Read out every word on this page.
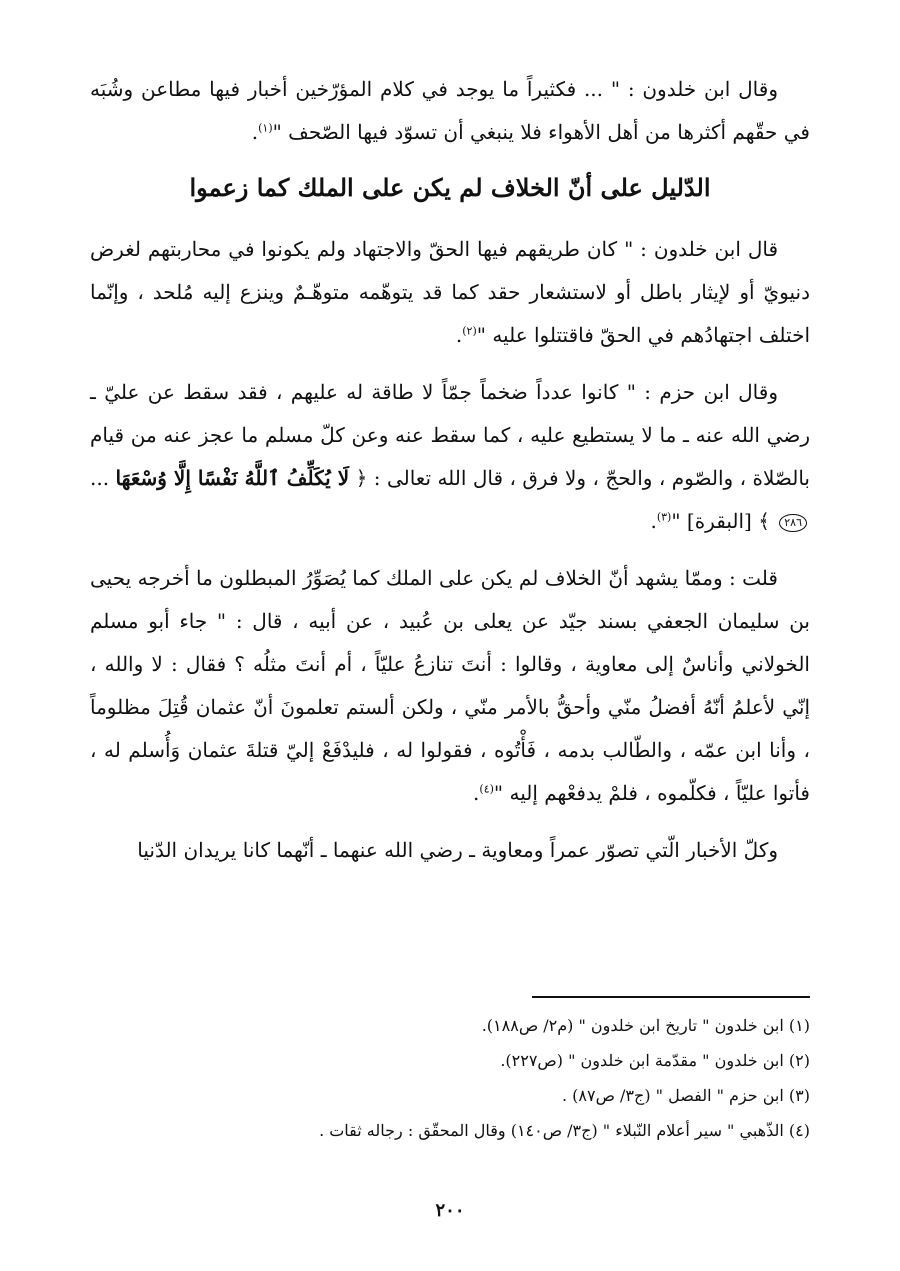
وقال ابن خلدون : " ... فكثيراً ما يوجد في كلام المؤرّخين أخبار فيها مطاعن وشُبَه في حقّهم أكثرها من أهل الأهواء فلا ينبغي أن تسوّد فيها الصّحف "$^{(١)}$.

الدّليل على أنّ الخلاف لم يكن على الملك كما زعموا

قال ابن خلدون : " كان طريقهم فيها الحقّ والاجتهاد ولم يكونوا في محاربتهم لغرض دنيويّ أو لإيثار باطل أو لاستشعار حقد كما قد يتوهّمه متوهّـمٌ وينزع إليه مُلحد ، وإنّما اختلف اجتهادُهم في الحقّ فاقتتلوا عليه "$^{(٢)}$.

وقال ابن حزم : " كانوا عدداً ضخماً جمّاً لا طاقة له عليهم ، فقد سقط عن عليّ ـ رضي الله عنه ـ ما لا يستطيع عليه ، كما سقط عنه وعن كلّ مسلم ما عجز عنه من قيام بالصّلاة ، والصّوم ، والحجّ ، ولا فرق ، قال الله تعالى : ﴿ لَا يُكَلِّفُ ٱللَّهُ نَفْسًا إِلَّا وُسْعَهَا ... ٢٨٦ ﴾ [البقرة] "$^{(٣)}$.

قلت : وممّا يشهد أنّ الخلاف لم يكن على الملك كما يُصَوِّرُ المبطلون ما أخرجه يحيى بن سليمان الجعفي بسند جيّد عن يعلى بن عُبيد ، عن أبيه ، قال : " جاء أبو مسلم الخولاني وأناسٌ إلى معاوية ، وقالوا : أنتَ تنازعُ عليّاً ، أم أنتَ مثلُه ؟ فقال : لا والله ، إنّي لأعلمُ أنّهُ أفضلُ منّي وأحقُّ بالأمر منّي ، ولكن ألستم تعلمونَ أنّ عثمان قُتِلَ مظلوماً ، وأنا ابن عمّه ، والطّالب بدمه ، فَأْتُوه ، فقولوا له ، فليدْفَعْ إليّ قتلةَ عثمان وَأُسلم له ، فأتوا عليّاً ، فكلّموه ، فلمْ يدفعْهم إليه "$^{(٤)}$.

وكلّ الأخبار الّتي تصوّر عمراً ومعاوية ـ رضي الله عنهما ـ أنّهما كانا يريدان الدّنيا

(١) ابن خلدون " تاريخ ابن خلدون " (م٢/ ص١٨٨).

(٢) ابن خلدون " مقدّمة ابن خلدون " (ص٢٢٧).

(٣) ابن حزم " الفصل " (ج٣/ ص٨٧) .

(٤) الذّهبي " سير أعلام النّبلاء " (ج٣/ ص١٤٠) وقال المحقّق : رجاله ثقات .

٢٠٠
